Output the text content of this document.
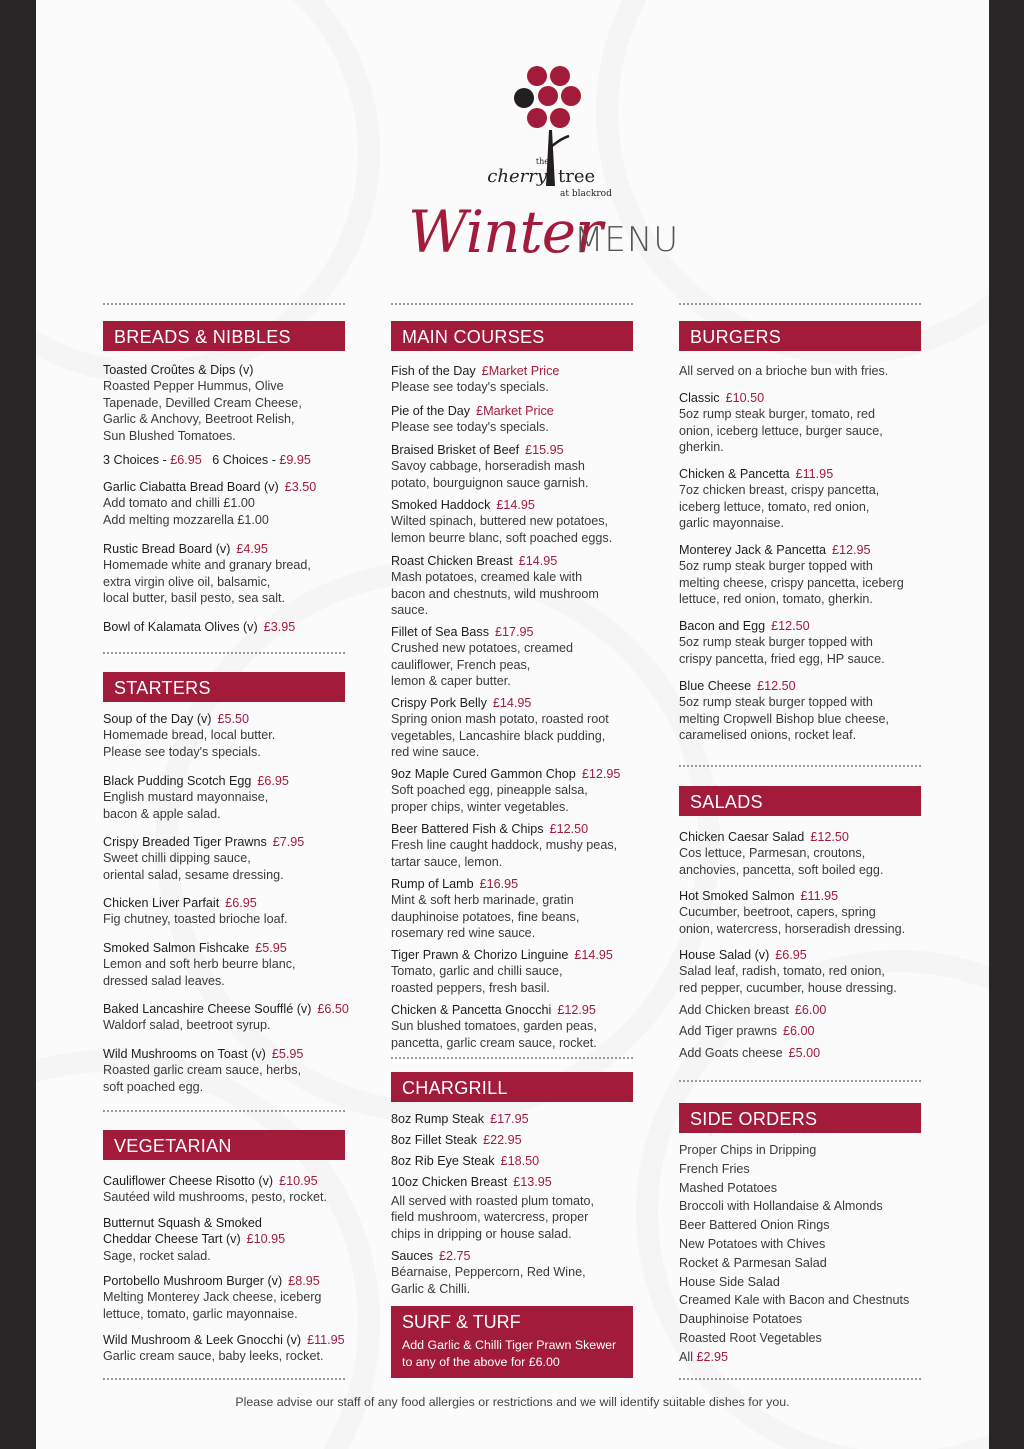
the
cherry tree
at blackrod
Winter
MENU
BREADS & NIBBLES
Toasted Croûtes & Dips (v)
Roasted Pepper Hummus, Olive
Tapenade, Devilled Cream Cheese,
Garlic & Anchovy, Beetroot Relish,
Sun Blushed Tomatoes.
3 Choices - £6.95 6 Choices - £9.95
Garlic Ciabatta Bread Board (v) £3.50
Add tomato and chilli £1.00
Add melting mozzarella £1.00
Rustic Bread Board (v) £4.95
Homemade white and granary bread,
extra virgin olive oil, balsamic,
local butter, basil pesto, sea salt.
Bowl of Kalamata Olives (v) £3.95
STARTERS
Soup of the Day (v) £5.50
Homemade bread, local butter.
Please see today's specials.
Black Pudding Scotch Egg £6.95
English mustard mayonnaise,
bacon & apple salad.
Crispy Breaded Tiger Prawns £7.95
Sweet chilli dipping sauce,
oriental salad, sesame dressing.
Chicken Liver Parfait £6.95
Fig chutney, toasted brioche loaf.
Smoked Salmon Fishcake £5.95
Lemon and soft herb beurre blanc,
dressed salad leaves.
Baked Lancashire Cheese Soufflé (v) £6.50
Waldorf salad, beetroot syrup.
Wild Mushrooms on Toast (v) £5.95
Roasted garlic cream sauce, herbs,
soft poached egg.
VEGETARIAN
Cauliflower Cheese Risotto (v) £10.95
Sautéed wild mushrooms, pesto, rocket.
Butternut Squash & Smoked
Cheddar Cheese Tart (v) £10.95
Sage, rocket salad.
Portobello Mushroom Burger (v) £8.95
Melting Monterey Jack cheese, iceberg
lettuce, tomato, garlic mayonnaise.
Wild Mushroom & Leek Gnocchi (v) £11.95
Garlic cream sauce, baby leeks, rocket.
MAIN COURSES
Fish of the Day £Market Price
Please see today's specials.
Pie of the Day £Market Price
Please see today's specials.
Braised Brisket of Beef £15.95
Savoy cabbage, horseradish mash
potato, bourguignon sauce garnish.
Smoked Haddock £14.95
Wilted spinach, buttered new potatoes,
lemon beurre blanc, soft poached eggs.
Roast Chicken Breast £14.95
Mash potatoes, creamed kale with
bacon and chestnuts, wild mushroom
sauce.
Fillet of Sea Bass £17.95
Crushed new potatoes, creamed
cauliflower, French peas,
lemon & caper butter.
Crispy Pork Belly £14.95
Spring onion mash potato, roasted root
vegetables, Lancashire black pudding,
red wine sauce.
9oz Maple Cured Gammon Chop £12.95
Soft poached egg, pineapple salsa,
proper chips, winter vegetables.
Beer Battered Fish & Chips £12.50
Fresh line caught haddock, mushy peas,
tartar sauce, lemon.
Rump of Lamb £16.95
Mint & soft herb marinade, gratin
dauphinoise potatoes, fine beans,
rosemary red wine sauce.
Tiger Prawn & Chorizo Linguine £14.95
Tomato, garlic and chilli sauce,
roasted peppers, fresh basil.
Chicken & Pancetta Gnocchi £12.95
Sun blushed tomatoes, garden peas,
pancetta, garlic cream sauce, rocket.
CHARGRILL
8oz Rump Steak £17.95
8oz Fillet Steak £22.95
8oz Rib Eye Steak £18.50
10oz Chicken Breast £13.95
All served with roasted plum tomato,
field mushroom, watercress, proper
chips in dripping or house salad.
Sauces £2.75
Béarnaise, Peppercorn, Red Wine,
Garlic & Chilli.
SURF & TURF
Add Garlic & Chilli Tiger Prawn Skewer
to any of the above for £6.00
BURGERS
All served on a brioche bun with fries.
Classic £10.50
5oz rump steak burger, tomato, red
onion, iceberg lettuce, burger sauce,
gherkin.
Chicken & Pancetta £11.95
7oz chicken breast, crispy pancetta,
iceberg lettuce, tomato, red onion,
garlic mayonnaise.
Monterey Jack & Pancetta £12.95
5oz rump steak burger topped with
melting cheese, crispy pancetta, iceberg
lettuce, red onion, tomato, gherkin.
Bacon and Egg £12.50
5oz rump steak burger topped with
crispy pancetta, fried egg, HP sauce.
Blue Cheese £12.50
5oz rump steak burger topped with
melting Cropwell Bishop blue cheese,
caramelised onions, rocket leaf.
SALADS
Chicken Caesar Salad £12.50
Cos lettuce, Parmesan, croutons,
anchovies, pancetta, soft boiled egg.
Hot Smoked Salmon £11.95
Cucumber, beetroot, capers, spring
onion, watercress, horseradish dressing.
House Salad (v) £6.95
Salad leaf, radish, tomato, red onion,
red pepper, cucumber, house dressing.
Add Chicken breast £6.00
Add Tiger prawns £6.00
Add Goats cheese £5.00
SIDE ORDERS
Proper Chips in Dripping
French Fries
Mashed Potatoes
Broccoli with Hollandaise & Almonds
Beer Battered Onion Rings
New Potatoes with Chives
Rocket & Parmesan Salad
House Side Salad
Creamed Kale with Bacon and Chestnuts
Dauphinoise Potatoes
Roasted Root Vegetables
All £2.95
Please advise our staff of any food allergies or restrictions and we will identify suitable dishes for you.
